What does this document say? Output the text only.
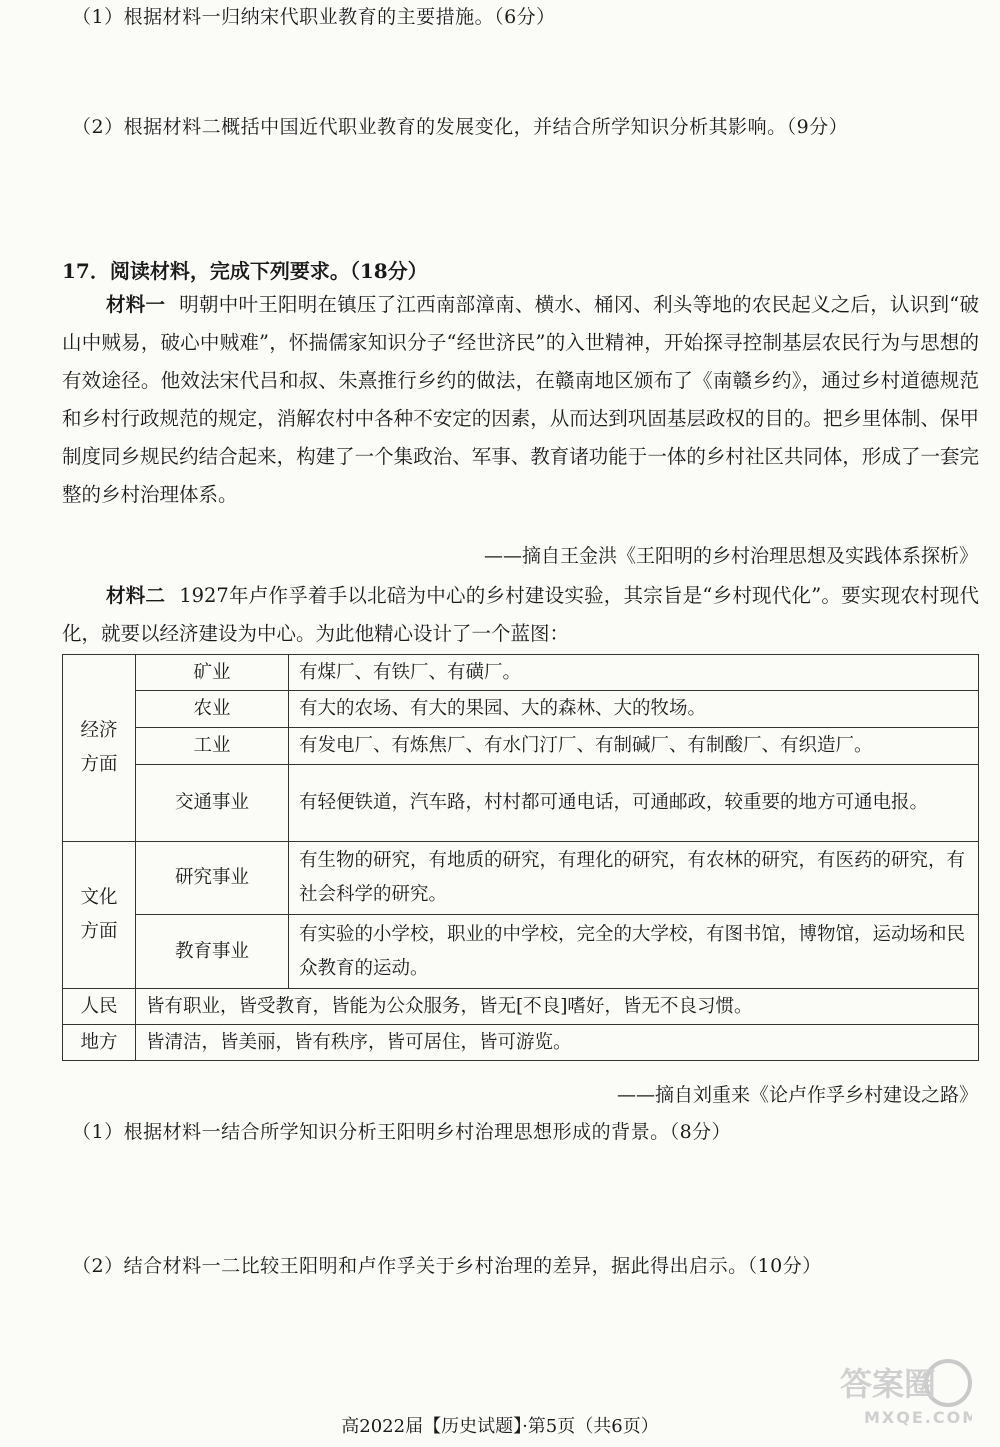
（1）根据材料一归纳宋代职业教育的主要措施。（6分）
（2）根据材料二概括中国近代职业教育的发展变化，并结合所学知识分析其影响。（9分）
17．阅读材料，完成下列要求。（18分）
材料一 明朝中叶王阳明在镇压了江西南部漳南、横水、桶冈、利头等地的农民起义之后，认识到“破山中贼易，破心中贼难”，怀揣儒家知识分子“经世济民”的入世精神，开始探寻控制基层农民行为与思想的有效途径。他效法宋代吕和叔、朱熹推行乡约的做法，在赣南地区颁布了《南赣乡约》，通过乡村道德规范和乡村行政规范的规定，消解农村中各种不安定的因素，从而达到巩固基层政权的目的。把乡里体制、保甲制度同乡规民约结合起来，构建了一个集政治、军事、教育诸功能于一体的乡村社区共同体，形成了一套完整的乡村治理体系。
——摘自王金洪《王阳明的乡村治理思想及实践体系探析》
材料二 1927年卢作孚着手以北碚为中心的乡村建设实验，其宗旨是“乡村现代化”。要实现农村现代化，就要以经济建设为中心。为此他精心设计了一个蓝图：
经济方面	矿业	有煤厂、有铁厂、有磺厂。
	农业	有大的农场、有大的果园、大的森林、大的牧场。
	工业	有发电厂、有炼焦厂、有水门汀厂、有制碱厂、有制酸厂、有织造厂。
	交通事业	有轻便铁道，汽车路，村村都可通电话，可通邮政，较重要的地方可通电报。
文化方面	研究事业	有生物的研究，有地质的研究，有理化的研究，有农林的研究，有医药的研究，有社会科学的研究。
	教育事业	有实验的小学校，职业的中学校，完全的大学校，有图书馆，博物馆，运动场和民众教育的运动。
人民	皆有职业，皆受教育，皆能为公众服务，皆无[不良]嗜好，皆无不良习惯。	
地方	皆清洁，皆美丽，皆有秩序，皆可居住，皆可游览。	
——摘自刘重来《论卢作孚乡村建设之路》
（1）根据材料一结合所学知识分析王阳明乡村治理思想形成的背景。（8分）
（2）结合材料一二比较王阳明和卢作孚关于乡村治理的差异，据此得出启示。（10分）
高2022届【历史试题】·第5页（共6页）
答案圈
MXQE.COM
